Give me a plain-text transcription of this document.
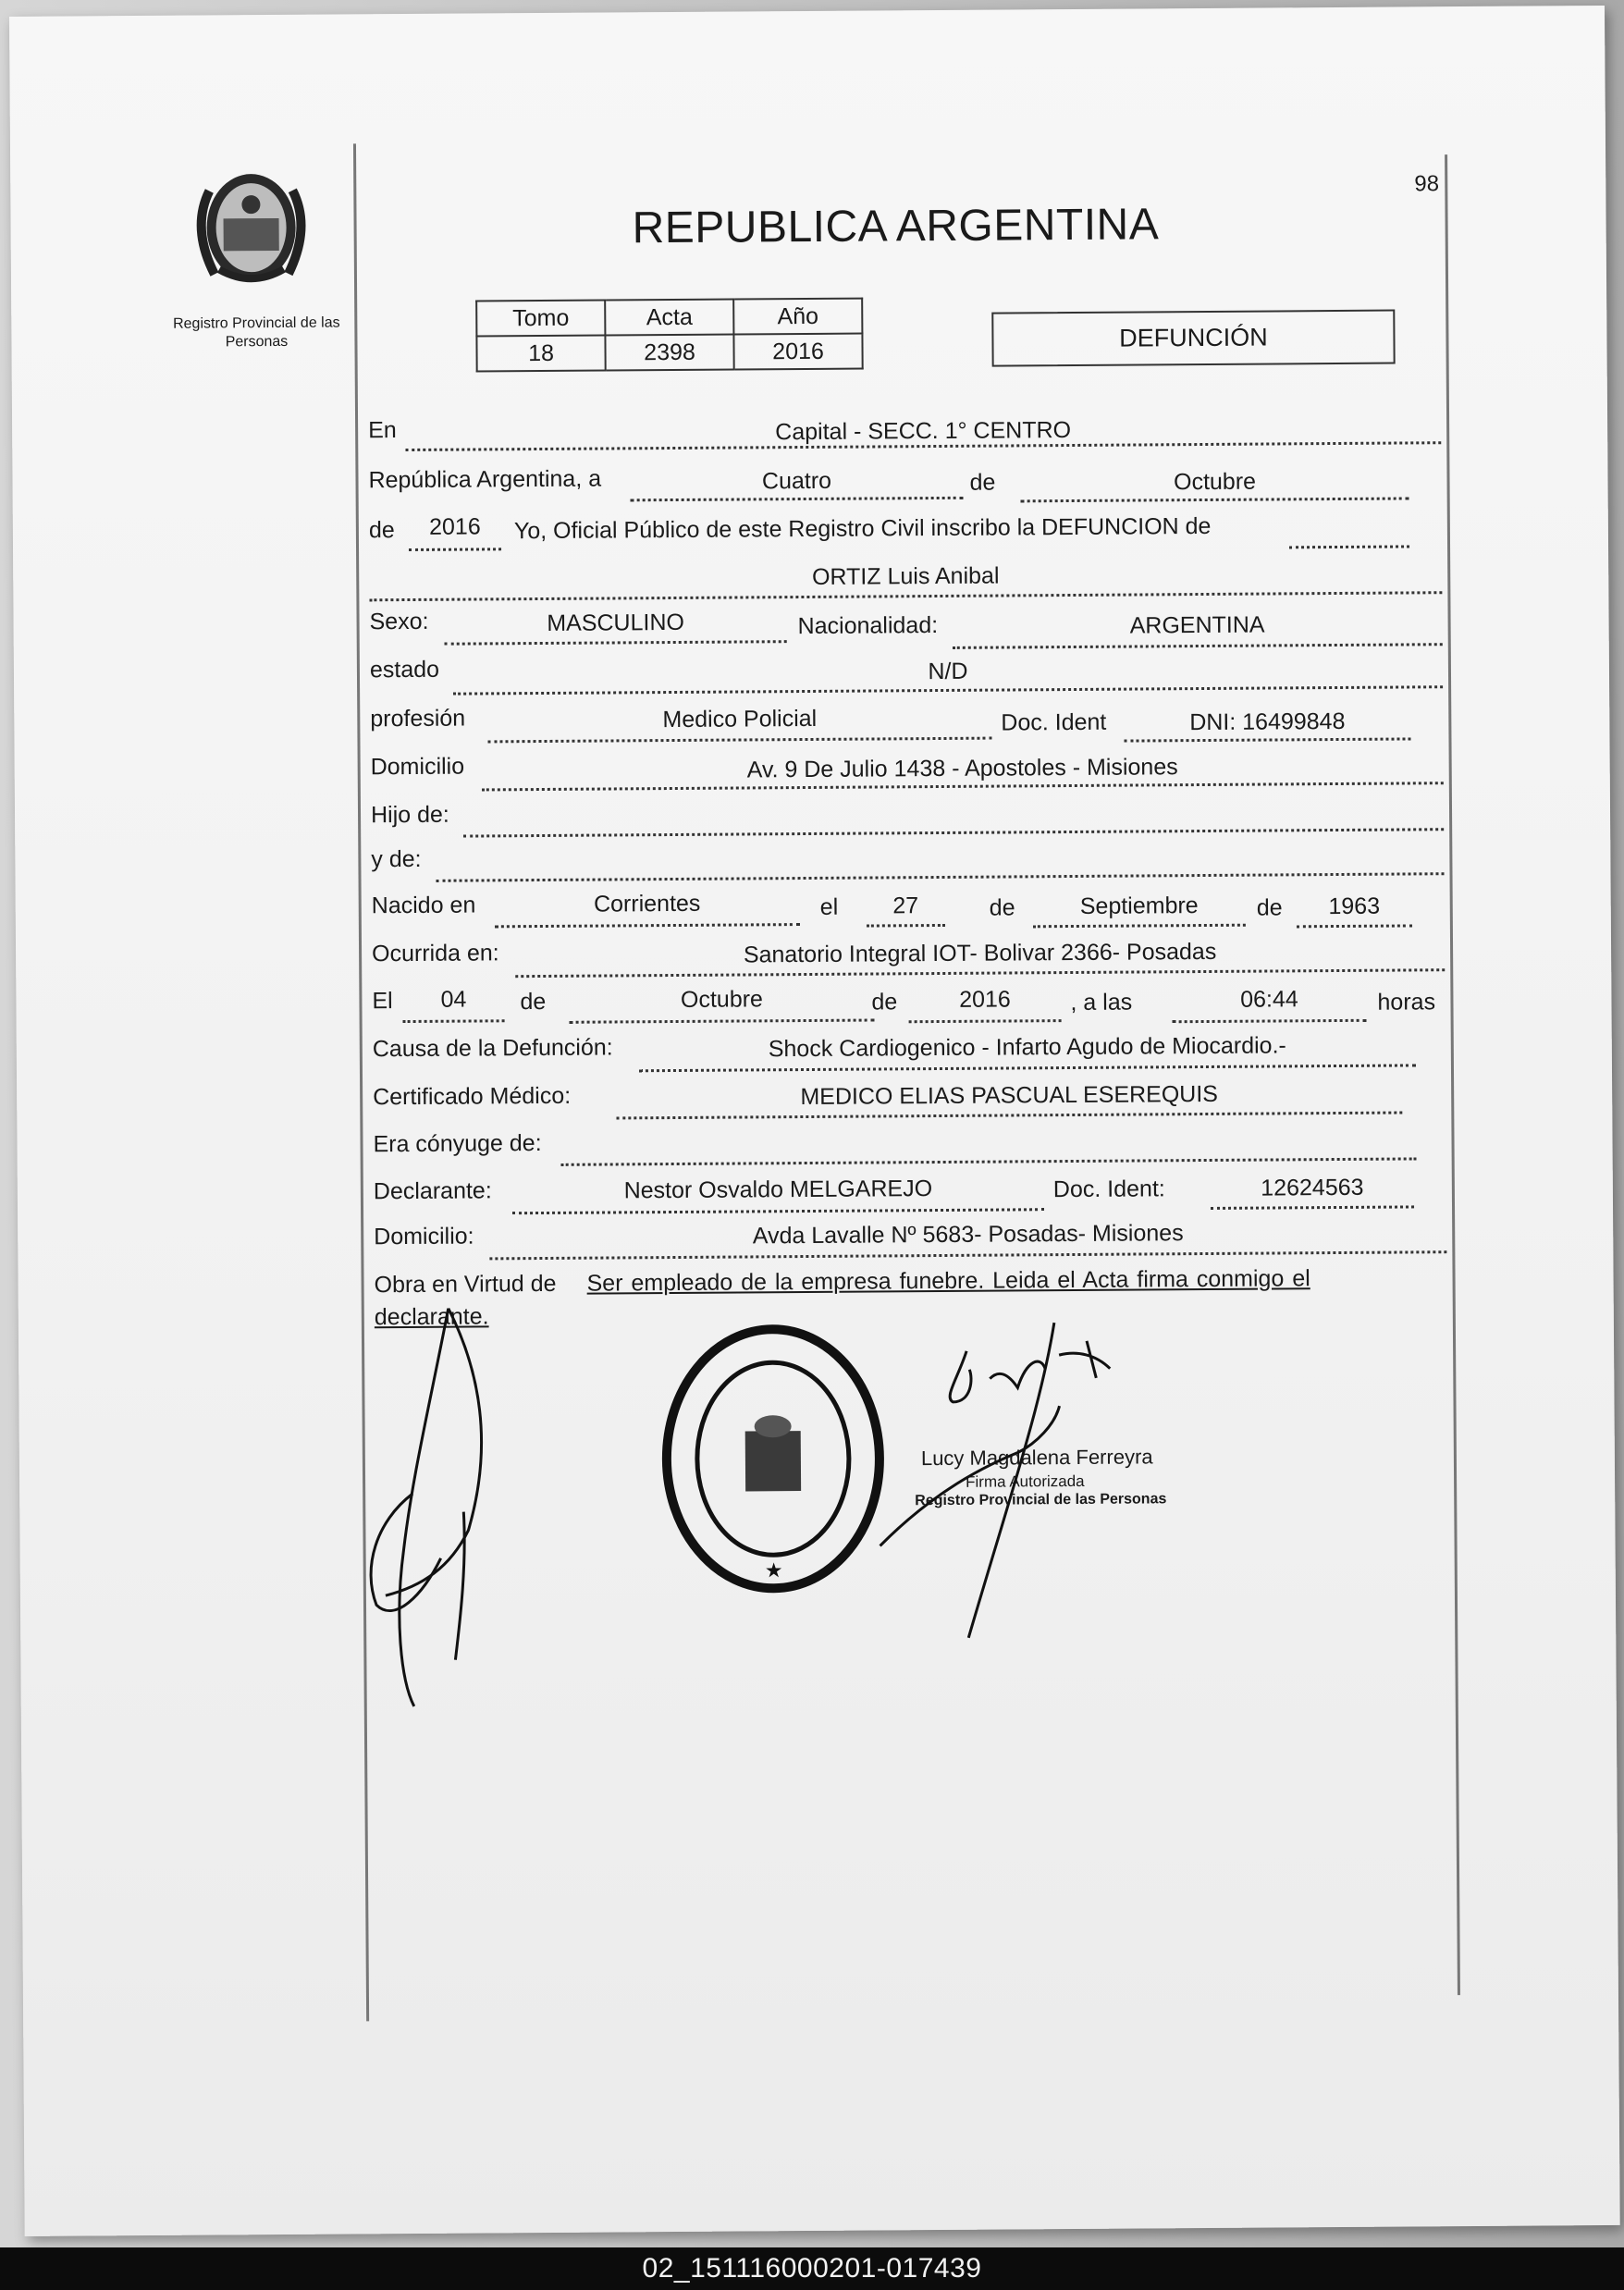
Registro Provincial de las Personas
REPUBLICA ARGENTINA
98
Tomo	Acta	Año
18	2398	2016	DEFUNCIÓN
En	Capital - SECC. 1° CENTRO
República Argentina, a	Cuatro	de	Octubre
de	2016	Yo, Oficial Público de este Registro Civil inscribo la DEFUNCION de
ORTIZ Luis Anibal
Sexo:	MASCULINO	Nacionalidad:	ARGENTINA
estado	N/D
profesión	Medico Policial	Doc. Ident	DNI: 16499848
Domicilio	Av. 9 De Julio 1438 - Apostoles - Misiones
Hijo de:
y de:
Nacido en	Corrientes	el	27	de	Septiembre	de	1963
Ocurrida en:	Sanatorio Integral IOT- Bolivar 2366- Posadas
El	04	de	Octubre	de	2016	, a las	06:44	horas
Causa de la Defunción:	Shock Cardiogenico - Infarto Agudo de Miocardio.-
Certificado Médico:	MEDICO ELIAS PASCUAL ESEREQUIS
Era cónyuge de:
Declarante:	Nestor Osvaldo MELGAREJO	Doc. Ident:	12624563
Domicilio:	Avda Lavalle Nº 5683- Posadas- Misiones
Obra en Virtud de Ser empleado de la empresa funebre. Leida el Acta firma conmigo el
declarante.
★
Lucy Magdalena Ferreyra
Firma Autorizada
Registro Provincial de las Personas
02_151116000201-017439
